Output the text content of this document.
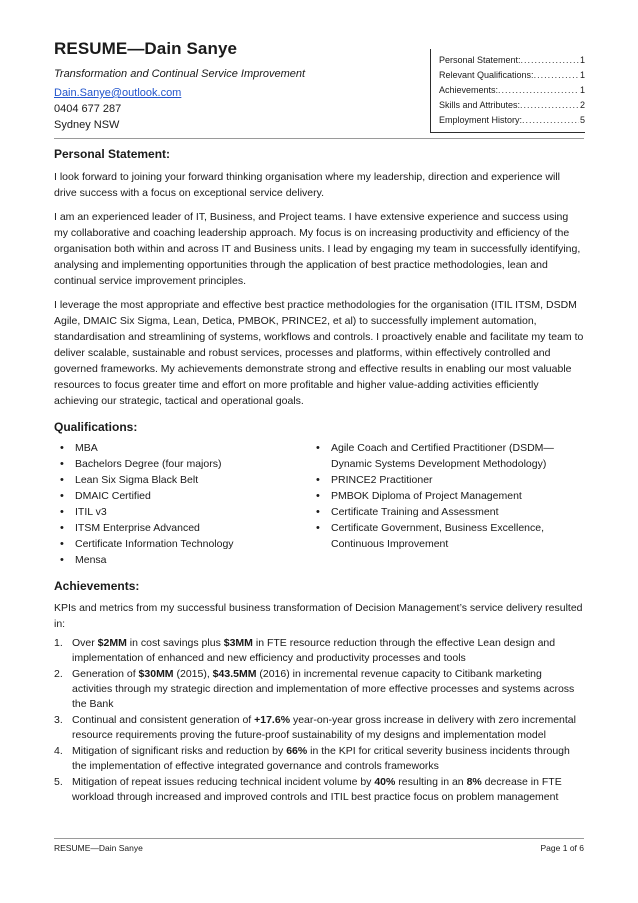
RESUME—Dain Sanye
Transformation and Continual Service Improvement
Dain.Sanye@outlook.com
0404 677 287
Sydney NSW
Personal Statement: .....	1
Relevant Qualifications: .....	1
Achievements: .....	1
Skills and Attributes: .....	2
Employment History: .....	5
Personal Statement:

I look forward to joining your forward thinking organisation where my leadership, direction and experience will drive success with a focus on exceptional service delivery.

I am an experienced leader of IT, Business, and Project teams. I have extensive experience and success using my collaborative and coaching leadership approach. My focus is on increasing productivity and efficiency of the organisation both within and across IT and Business units. I lead by engaging my team in successfully identifying, analysing and implementing opportunities through the application of best practice methodologies, lean and continual service improvement principles.

I leverage the most appropriate and effective best practice methodologies for the organisation (ITIL ITSM, DSDM Agile, DMAIC Six Sigma, Lean, Detica, PMBOK, PRINCE2, et al) to successfully implement automation, standardisation and streamlining of systems, workflows and controls. I proactively enable and facilitate my team to deliver scalable, sustainable and robust services, processes and platforms, within effectively controlled and governed frameworks. My achievements demonstrate strong and effective results in enabling our most valuable resources to focus greater time and effort on more profitable and higher value-adding activities efficiently achieving our strategic, tactical and operational goals.

Qualifications:
• MBA
• Bachelors Degree (four majors)
• Lean Six Sigma Black Belt
• DMAIC Certified
• ITIL v3
• ITSM Enterprise Advanced
• Certificate Information Technology
• Mensa
• Agile Coach and Certified Practitioner (DSDM— Dynamic Systems Development Methodology)
• PRINCE2 Practitioner
• PMBOK Diploma of Project Management
• Certificate Training and Assessment
• Certificate Government, Business Excellence, Continuous Improvement
Achievements:

KPIs and metrics from my successful business transformation of Decision Management’s service delivery resulted in:

1. Over $2MM in cost savings plus $3MM in FTE resource reduction through the effective Lean design and implementation of enhanced and new efficiency and productivity processes and tools
2. Generation of $30MM (2015), $43.5MM (2016) in incremental revenue capacity to Citibank marketing activities through my strategic direction and implementation of more effective processes and systems across the Bank
3. Continual and consistent generation of +17.6% year-on-year gross increase in delivery with zero incremental resource requirements proving the future-proof sustainability of my designs and implementation model
4. Mitigation of significant risks and reduction by 66% in the KPI for critical severity business incidents through the implementation of effective integrated governance and controls frameworks
5. Mitigation of repeat issues reducing technical incident volume by 40% resulting in an 8% decrease in FTE workload through increased and improved controls and ITIL best practice focus on problem management
RESUME—Dain Sanye	Page 1 of 6
